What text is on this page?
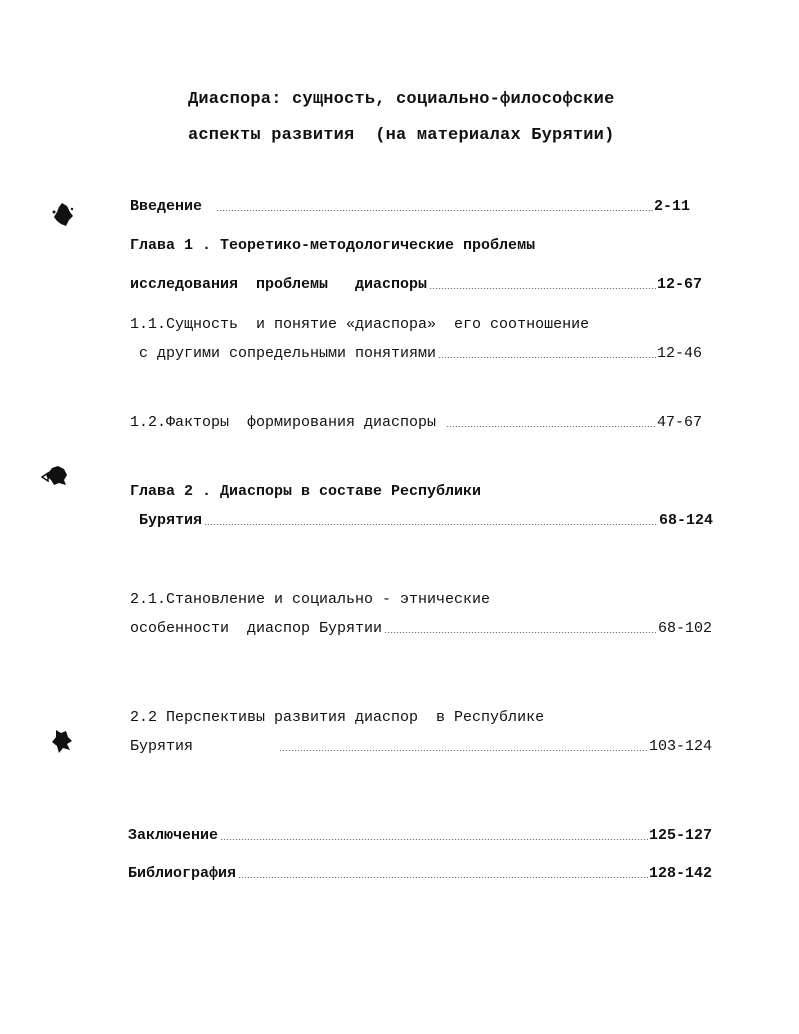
Диаспора: сущность, социально-философские
аспекты развития  (на материалах Бурятии)
Введение	2-11
Глава 1 . Теоретико-методологические проблемы
исследования  проблемы   диаспоры	12-67
1.1.Сущность  и понятие «диаспора»  его соотношение
с другими сопредельными понятиями	12-46
1.2.Факторы  формирования диаспоры	47-67
Глава 2 . Диаспоры в составе Республики
Бурятия	68-124
2.1.Становление и социально - этнические
особенности  диаспор Бурятии	68-102
2.2 Перспективы развития диаспор  в Республике
Бурятия	103-124
Заключение	125-127
Библиография	128-142
